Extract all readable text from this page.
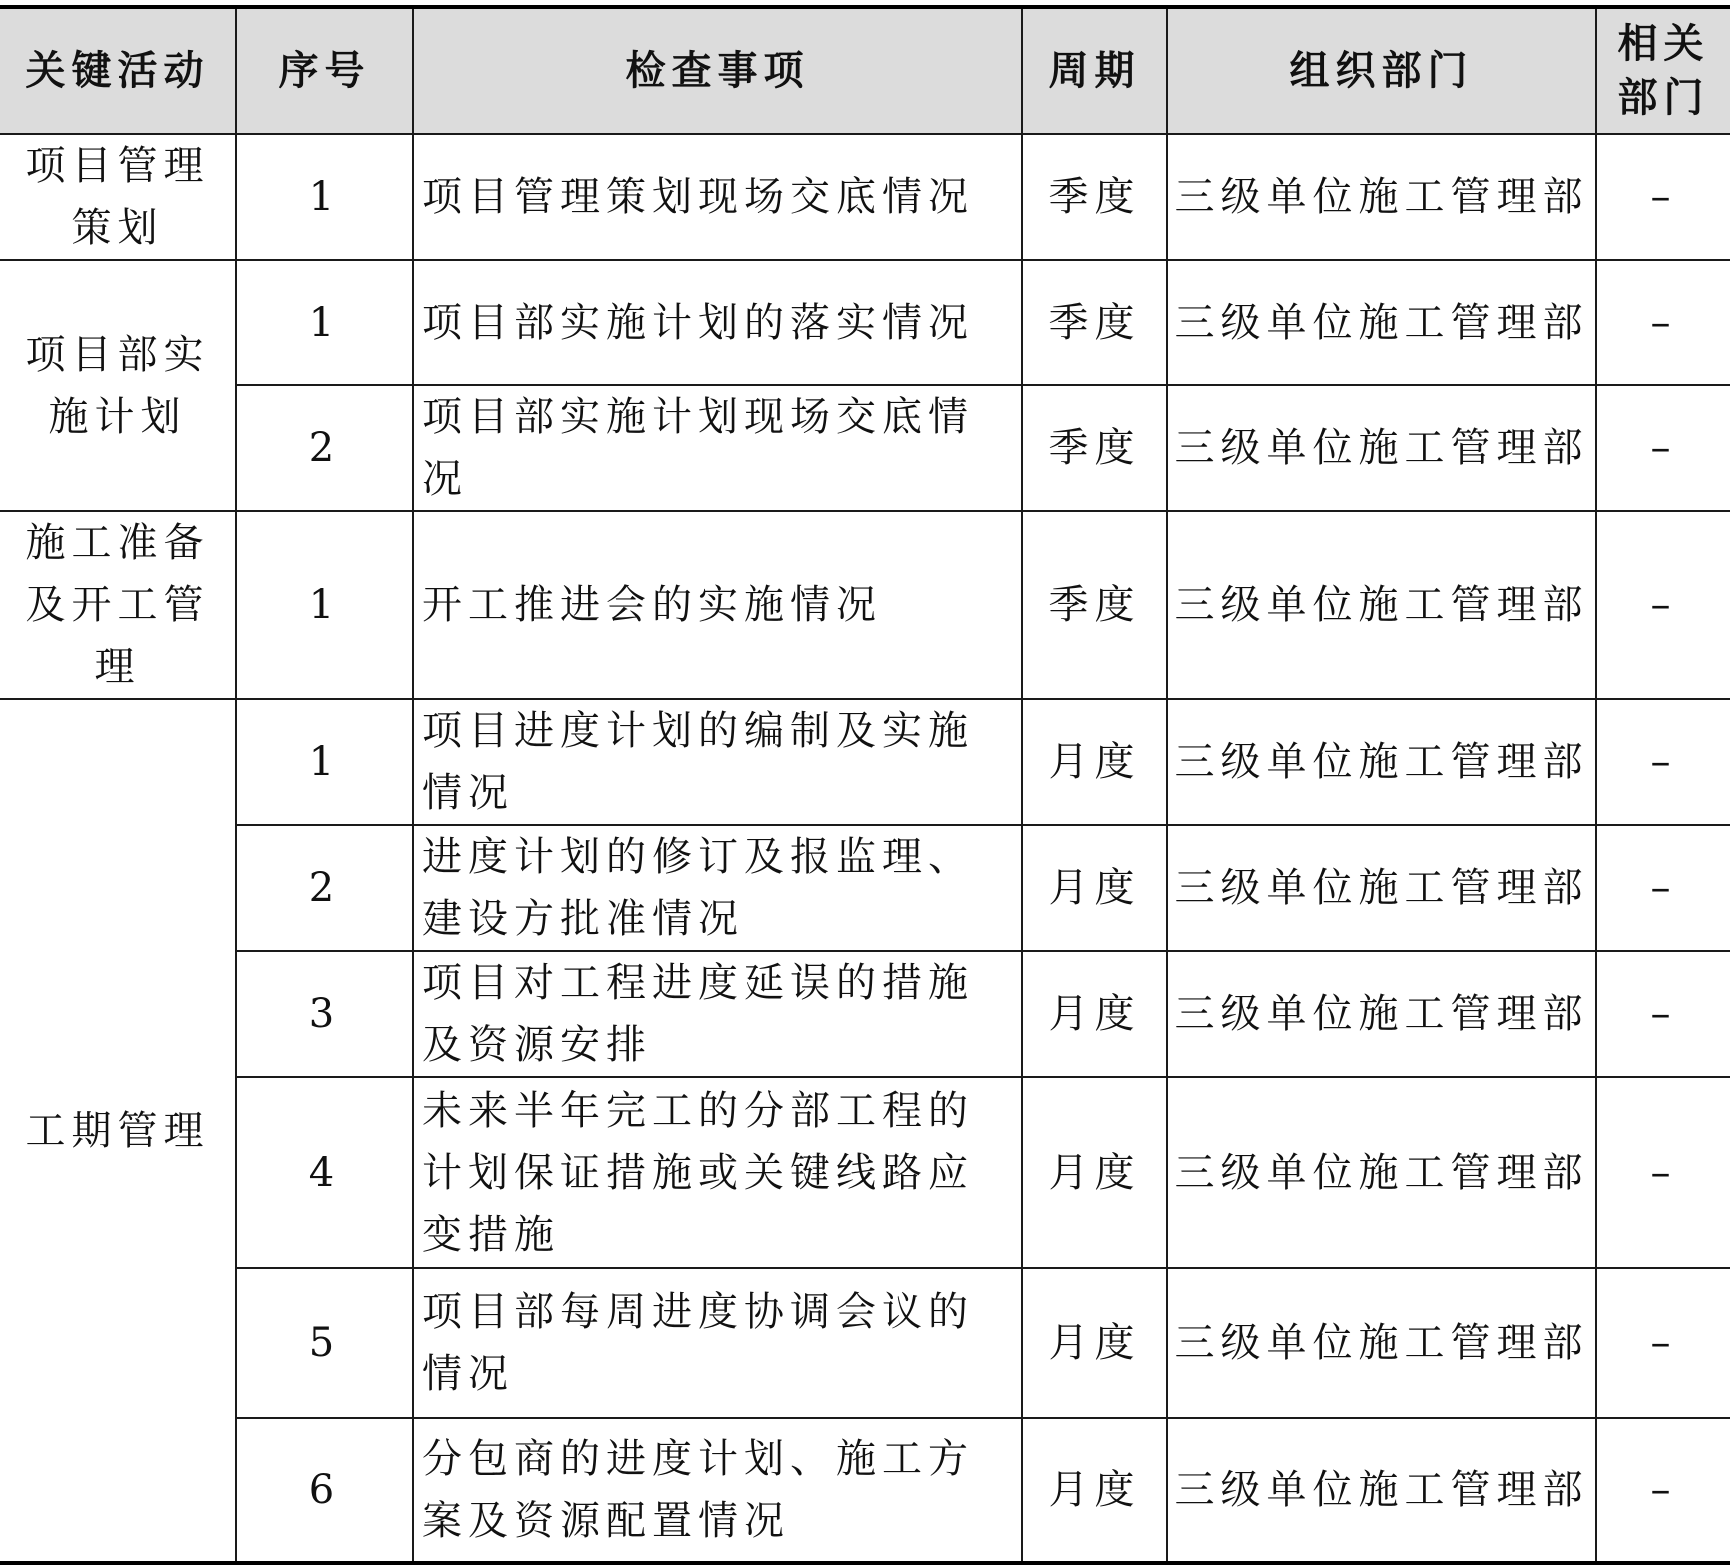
关键活动	序号	检查事项	周期	组织部门	相关部门
项目管理策划	1	项目管理策划现场交底情况	季度	三级单位施工管理部	–
项目部实施计划	1	项目部实施计划的落实情况	季度	三级单位施工管理部	–
	2	项目部实施计划现场交底情况	季度	三级单位施工管理部	–
施工准备及开工管理	1	开工推进会的实施情况	季度	三级单位施工管理部	–
工期管理	1	项目进度计划的编制及实施情况	月度	三级单位施工管理部	–
	2	进度计划的修订及报监理、建设方批准情况	月度	三级单位施工管理部	–
	3	项目对工程进度延误的措施及资源安排	月度	三级单位施工管理部	–
	4	未来半年完工的分部工程的计划保证措施或关键线路应变措施	月度	三级单位施工管理部	–
	5	项目部每周进度协调会议的情况	月度	三级单位施工管理部	–
	6	分包商的进度计划、施工方案及资源配置情况	月度	三级单位施工管理部	–
